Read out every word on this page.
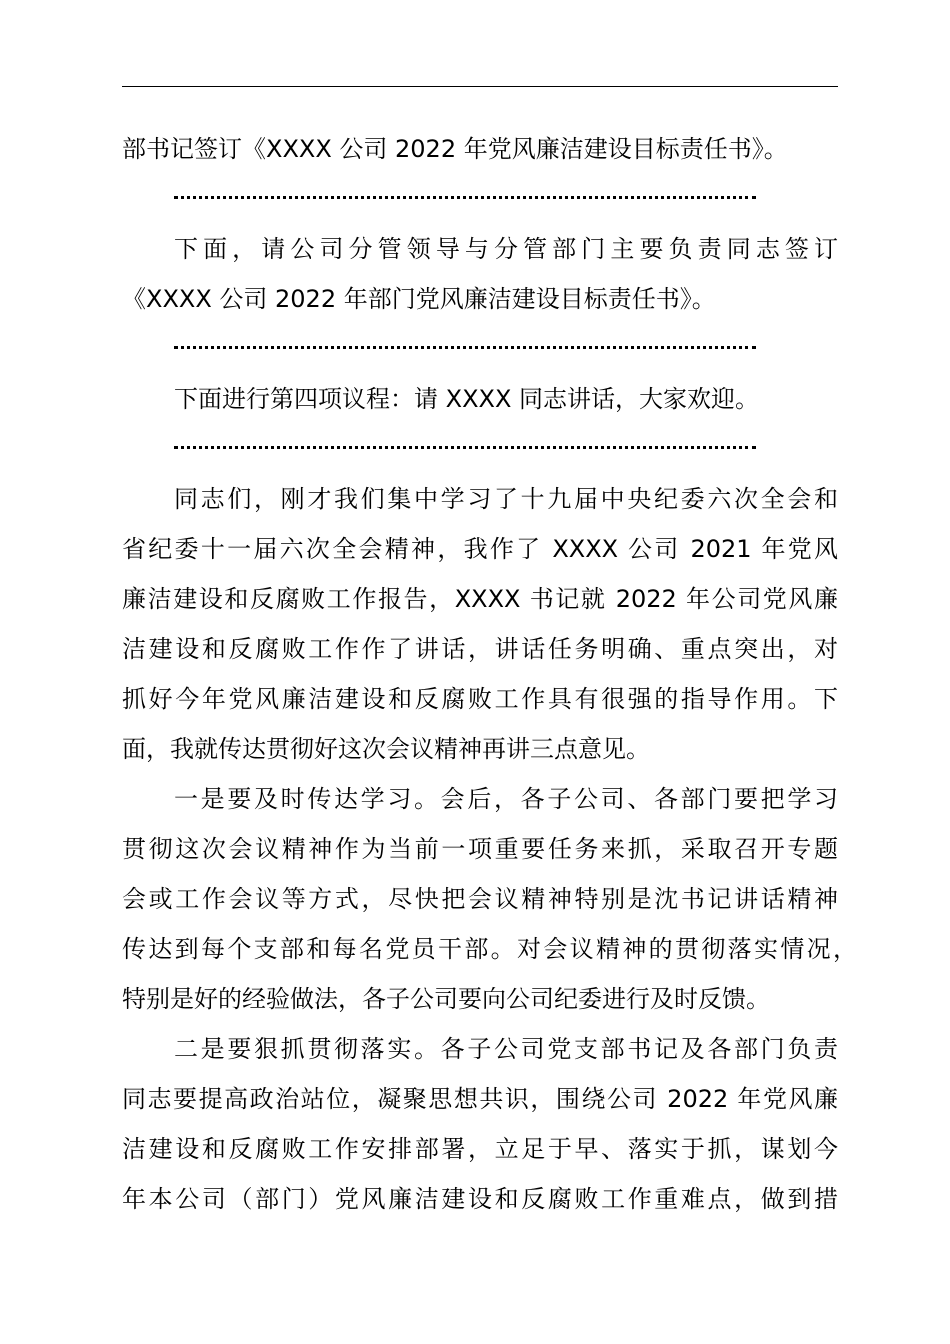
部书记签订《XXXX 公司 2022 年党风廉洁建设目标责任书》。
下面，请公司分管领导与分管部门主要负责同志签订
《XXXX 公司 2022 年部门党风廉洁建设目标责任书》。
下面进行第四项议程：请 XXXX 同志讲话，大家欢迎。
同志们，刚才我们集中学习了十九届中央纪委六次全会和
省纪委十一届六次全会精神，我作了 XXXX 公司 2021 年党风
廉洁建设和反腐败工作报告，XXXX 书记就 2022 年公司党风廉
洁建设和反腐败工作作了讲话，讲话任务明确、重点突出，对
抓好今年党风廉洁建设和反腐败工作具有很强的指导作用。下
面，我就传达贯彻好这次会议精神再讲三点意见。
一是要及时传达学习。会后，各子公司、各部门要把学习
贯彻这次会议精神作为当前一项重要任务来抓，采取召开专题
会或工作会议等方式，尽快把会议精神特别是沈书记讲话精神
传达到每个支部和每名党员干部。对会议精神的贯彻落实情况，
特别是好的经验做法，各子公司要向公司纪委进行及时反馈。
二是要狠抓贯彻落实。各子公司党支部书记及各部门负责
同志要提高政治站位，凝聚思想共识，围绕公司 2022 年党风廉
洁建设和反腐败工作安排部署，立足于早、落实于抓，谋划今
年本公司（部门）党风廉洁建设和反腐败工作重难点，做到措
